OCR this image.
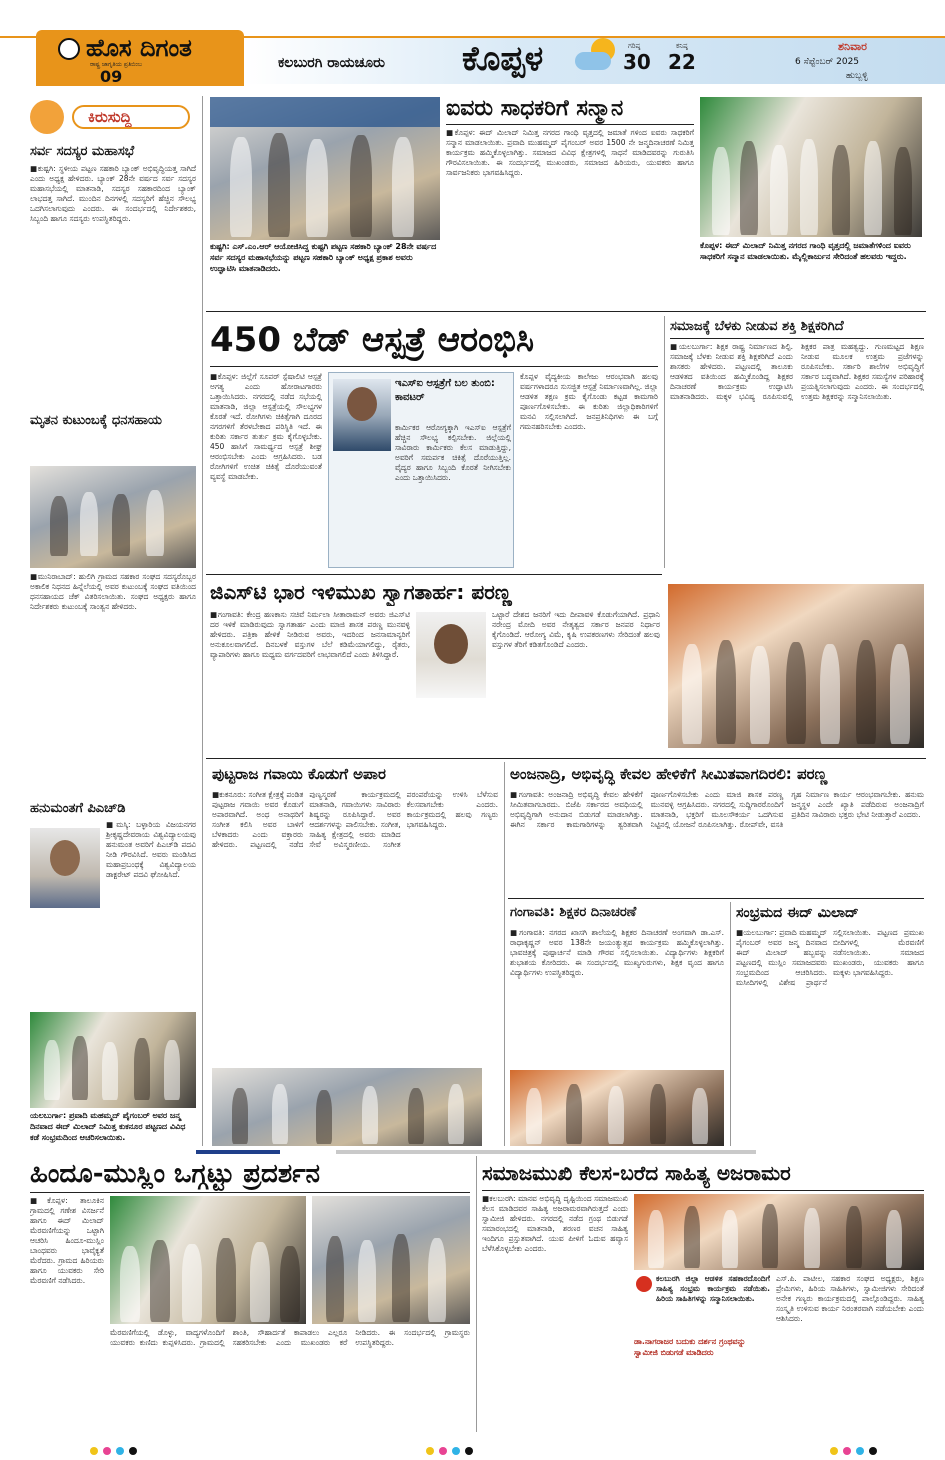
ಹೊಸ ದಿಗಂತ
ರಾಷ್ಟ್ರ ಜಾಗೃತಿಯ ಪ್ರತಿಬಿಂಬ
09
ಕಲಬುರಗಿ ರಾಯಚೂರು ಕೊಪ್ಪಳ	ಗರಿಷ್ಠ
30
ಕನಿಷ್ಠ
22
ಶನಿವಾರ
6 ಸೆಪ್ಟೆಂಬರ್ 2025
ಹುಬ್ಬಳ್ಳಿ
ಕಿರುಸುದ್ದಿ
ಸರ್ವ ಸದಸ್ಯರ ಮಹಾಸಭೆ
■ಕುಷ್ಟಗಿ: ಸ್ಥಳೀಯ ಪಟ್ಟಣ ಸಹಕಾರಿ ಬ್ಯಾಂಕ್ ಅಭಿವೃದ್ಧಿಯತ್ತ ಸಾಗಿದೆ ಎಂದು ಅಧ್ಯಕ್ಷ ಹೇಳಿದರು. ಬ್ಯಾಂಕ್ 28ನೇ ವರ್ಷದ ಸರ್ವ ಸದಸ್ಯರ ಮಹಾಸಭೆಯಲ್ಲಿ ಮಾತನಾಡಿ, ಸದಸ್ಯರ ಸಹಕಾರದಿಂದ ಬ್ಯಾಂಕ್ ಲಾಭದತ್ತ ಸಾಗಿದೆ. ಮುಂದಿನ ದಿನಗಳಲ್ಲಿ ಸದಸ್ಯರಿಗೆ ಹೆಚ್ಚಿನ ಸೌಲಭ್ಯ ಒದಗಿಸಲಾಗುವುದು ಎಂದರು. ಈ ಸಂದರ್ಭದಲ್ಲಿ ನಿರ್ದೇಶಕರು, ಸಿಬ್ಬಂದಿ ಹಾಗೂ ಸದಸ್ಯರು ಉಪಸ್ಥಿತರಿದ್ದರು.
ಮೃತನ ಕುಟುಂಬಕ್ಕೆ ಧನಸಹಾಯ
■ಮುನಿರಾಬಾದ್: ಹುಲಿಗಿ ಗ್ರಾಮದ ಸಹಕಾರ ಸಂಘದ ಸದಸ್ಯರೊಬ್ಬರ ಅಕಾಲಿಕ ನಿಧನದ ಹಿನ್ನೆಲೆಯಲ್ಲಿ ಅವರ ಕುಟುಂಬಕ್ಕೆ ಸಂಘದ ವತಿಯಿಂದ ಧನಸಹಾಯದ ಚೆಕ್ ವಿತರಿಸಲಾಯಿತು. ಸಂಘದ ಅಧ್ಯಕ್ಷರು ಹಾಗೂ ನಿರ್ದೇಶಕರು ಕುಟುಂಬಕ್ಕೆ ಸಾಂತ್ವನ ಹೇಳಿದರು.
ಹನುಮಂತಗೆ ಪಿಎಚ್‌ಡಿ
■ಮಸ್ಕಿ: ಬಳ್ಳಾರಿಯ ವಿಜಯನಗರ ಶ್ರೀಕೃಷ್ಣದೇವರಾಯ ವಿಶ್ವವಿದ್ಯಾಲಯವು ಹನುಮಂತ ಅವರಿಗೆ ಪಿಎಚ್‌ಡಿ ಪದವಿ ನೀಡಿ ಗೌರವಿಸಿದೆ. ಅವರು ಮಂಡಿಸಿದ ಮಹಾಪ್ರಬಂಧಕ್ಕೆ ವಿಶ್ವವಿದ್ಯಾಲಯ ಡಾಕ್ಟರೇಟ್ ಪದವಿ ಘೋಷಿಸಿದೆ.
ಯಲಬುರ್ಗಾ: ಪ್ರವಾದಿ ಮಹಮ್ಮದ್ ಪೈಗಂಬರ್ ಅವರ ಜನ್ಮ ದಿನವಾದ ಈದ್ ಮಿಲಾದ್‌ ನಿಮಿತ್ತ ಕುಕನೂರ ಪಟ್ಟಣದ ವಿವಿಧ ಕಡೆ ಸಂಭ್ರಮದಿಂದ ಆಚರಿಸಲಾಯಿತು.
ಕುಷ್ಟಗಿ: ಎಸ್.ಎಂ.ಆರ್ ಆಯೋಜಿಸಿದ್ದ ಕುಷ್ಟಗಿ ಪಟ್ಟಣ ಸಹಕಾರಿ ಬ್ಯಾಂಕ್ 28ನೇ ವರ್ಷದ ಸರ್ವ ಸದಸ್ಯರ ಮಹಾಸಭೆಯನ್ನು ಪಟ್ಟಣ ಸಹಕಾರಿ ಬ್ಯಾಂಕ್ ಅಧ್ಯಕ್ಷ ಪ್ರಕಾಶ ಅವರು ಉದ್ಘಾಟಿಸಿ ಮಾತನಾಡಿದರು.
ಐವರು ಸಾಧಕರಿಗೆ ಸನ್ಮಾನ
■ಕೊಪ್ಪಳ: ಈದ್ ಮಿಲಾದ್ ನಿಮಿತ್ತ ನಗರದ ಗಾಂಧಿ ವೃತ್ತದಲ್ಲಿ ಜಮಾತೆ ಗಳಿಂದ ಐವರು ಸಾಧಕರಿಗೆ ಸನ್ಮಾನ ಮಾಡಲಾಯಿತು. ಪ್ರವಾದಿ ಮುಹಮ್ಮದ್ ಪೈಗಂಬರ್ ಅವರ 1500 ನೇ ಜನ್ಮದಿನಾಚರಣೆ ನಿಮಿತ್ತ ಕಾರ್ಯಕ್ರಮ ಹಮ್ಮಿಕೊಳ್ಳಲಾಗಿತ್ತು. ಸಮಾಜದ ವಿವಿಧ ಕ್ಷೇತ್ರಗಳಲ್ಲಿ ಸಾಧನೆ ಮಾಡಿದವರನ್ನು ಗುರುತಿಸಿ ಗೌರವಿಸಲಾಯಿತು. ಈ ಸಂದರ್ಭದಲ್ಲಿ ಮುಖಂಡರು, ಸಮಾಜದ ಹಿರಿಯರು, ಯುವಕರು ಹಾಗೂ ಸಾರ್ವಜನಿಕರು ಭಾಗವಹಿಸಿದ್ದರು.
ಕೊಪ್ಪಳ: ಈದ್ ಮಿಲಾದ್ ನಿಮಿತ್ತ ನಗರದ ಗಾಂಧಿ ವೃತ್ತದಲ್ಲಿ ಜಮಾತೆಗಳಿಂದ ಐವರು ಸಾಧಕರಿಗೆ ಸನ್ಮಾನ ಮಾಡಲಾಯಿತು. ಮೈಲ್ಲಿಕಾರ್ಜುನ ಸೇರಿದಂತೆ ಹಲವರು ಇದ್ದರು.
450 ಬೆಡ್ ಆಸ್ಪತ್ರೆ ಆರಂಭಿಸಿ
■ಕೊಪ್ಪಳ: ಜಿಲ್ಲೆಗೆ ಸೂಪರ್ ಸ್ಪೆಷಾಲಿಟಿ ಆಸ್ಪತ್ರೆ ಅಗತ್ಯ ಎಂದು ಹೋರಾಟಗಾರರು ಒತ್ತಾಯಿಸಿದರು. ನಗರದಲ್ಲಿ ನಡೆದ ಸಭೆಯಲ್ಲಿ ಮಾತನಾಡಿ, ಜಿಲ್ಲಾ ಆಸ್ಪತ್ರೆಯಲ್ಲಿ ಸೌಲಭ್ಯಗಳ ಕೊರತೆ ಇದೆ. ರೋಗಿಗಳು ಚಿಕಿತ್ಸೆಗಾಗಿ ದೂರದ ನಗರಗಳಿಗೆ ತೆರಳಬೇಕಾದ ಪರಿಸ್ಥಿತಿ ಇದೆ. ಈ ಕುರಿತು ಸರ್ಕಾರ ತುರ್ತು ಕ್ರಮ ಕೈಗೊಳ್ಳಬೇಕು. 450 ಹಾಸಿಗೆ ಸಾಮರ್ಥ್ಯದ ಆಸ್ಪತ್ರೆ ಶೀಘ್ರ ಆರಂಭಿಸಬೇಕು ಎಂದು ಆಗ್ರಹಿಸಿದರು. ಬಡ ರೋಗಿಗಳಿಗೆ ಉಚಿತ ಚಿಕಿತ್ಸೆ ದೊರೆಯುವಂತೆ ವ್ಯವಸ್ಥೆ ಮಾಡಬೇಕು.
ಇಎಸ್‌ಐ ಆಸ್ಪತ್ರೆಗೆ ಬಲ ತುಂಬಿ: ಕಾವಟರ್
ಕಾರ್ಮಿಕರ ಆರೋಗ್ಯಕ್ಕಾಗಿ ಇಎಸ್‌ಐ ಆಸ್ಪತ್ರೆಗೆ ಹೆಚ್ಚಿನ ಸೌಲಭ್ಯ ಕಲ್ಪಿಸಬೇಕು. ಜಿಲ್ಲೆಯಲ್ಲಿ ಸಾವಿರಾರು ಕಾರ್ಮಿಕರು ಕೆಲಸ ಮಾಡುತ್ತಿದ್ದು, ಅವರಿಗೆ ಸಮರ್ಪಕ ಚಿಕಿತ್ಸೆ ದೊರೆಯುತ್ತಿಲ್ಲ. ವೈದ್ಯರ ಹಾಗೂ ಸಿಬ್ಬಂದಿ ಕೊರತೆ ನೀಗಿಸಬೇಕು ಎಂದು ಒತ್ತಾಯಿಸಿದರು.
ಕೊಪ್ಪಳ ವೈದ್ಯಕೀಯ ಕಾಲೇಜು ಆರಂಭವಾಗಿ ಹಲವು ವರ್ಷಗಳಾದರೂ ಸುಸಜ್ಜಿತ ಆಸ್ಪತ್ರೆ ನಿರ್ಮಾಣವಾಗಿಲ್ಲ. ಜಿಲ್ಲಾ ಆಡಳಿತ ತಕ್ಷಣ ಕ್ರಮ ಕೈಗೊಂಡು ಕಟ್ಟಡ ಕಾಮಗಾರಿ ಪೂರ್ಣಗೊಳಿಸಬೇಕು. ಈ ಕುರಿತು ಜಿಲ್ಲಾಧಿಕಾರಿಗಳಿಗೆ ಮನವಿ ಸಲ್ಲಿಸಲಾಗಿದೆ. ಜನಪ್ರತಿನಿಧಿಗಳು ಈ ಬಗ್ಗೆ ಗಮನಹರಿಸಬೇಕು ಎಂದರು.
ಸಮಾಜಕ್ಕೆ ಬೆಳಕು ನೀಡುವ ಶಕ್ತಿ ಶಿಕ್ಷಕರಿಗಿದೆ
■ಯಲಬುರ್ಗಾ: ಶಿಕ್ಷಕ ರಾಷ್ಟ್ರ ನಿರ್ಮಾಣದ ಶಿಲ್ಪಿ. ಸಮಾಜಕ್ಕೆ ಬೆಳಕು ನೀಡುವ ಶಕ್ತಿ ಶಿಕ್ಷಕರಿಗಿದೆ ಎಂದು ಶಾಸಕರು ಹೇಳಿದರು. ಪಟ್ಟಣದಲ್ಲಿ ತಾಲೂಕು ಆಡಳಿತದ ವತಿಯಿಂದ ಹಮ್ಮಿಕೊಂಡಿದ್ದ ಶಿಕ್ಷಕರ ದಿನಾಚರಣೆ ಕಾರ್ಯಕ್ರಮ ಉದ್ಘಾಟಿಸಿ ಮಾತನಾಡಿದರು. ಮಕ್ಕಳ ಭವಿಷ್ಯ ರೂಪಿಸುವಲ್ಲಿ ಶಿಕ್ಷಕರ ಪಾತ್ರ ಮಹತ್ವದ್ದು. ಗುಣಮಟ್ಟದ ಶಿಕ್ಷಣ ನೀಡುವ ಮೂಲಕ ಉತ್ತಮ ಪ್ರಜೆಗಳನ್ನು ರೂಪಿಸಬೇಕು. ಸರ್ಕಾರಿ ಶಾಲೆಗಳ ಅಭಿವೃದ್ಧಿಗೆ ಸರ್ಕಾರ ಬದ್ಧವಾಗಿದೆ. ಶಿಕ್ಷಕರ ಸಮಸ್ಯೆಗಳ ಪರಿಹಾರಕ್ಕೆ ಪ್ರಯತ್ನಿಸಲಾಗುವುದು ಎಂದರು. ಈ ಸಂದರ್ಭದಲ್ಲಿ ಉತ್ತಮ ಶಿಕ್ಷಕರನ್ನು ಸನ್ಮಾನಿಸಲಾಯಿತು.
ಜಿಎಸ್‌ಟಿ ಭಾರ ಇಳಿಮುಖ ಸ್ವಾಗತಾರ್ಹ: ಪರಣ್ಣ
■ಗಂಗಾವತಿ: ಕೇಂದ್ರ ಹಣಕಾಸು ಸಚಿವೆ ನಿರ್ಮಲಾ ಸೀತಾರಾಮನ್ ಅವರು ಜಿಎಸ್‌ಟಿ ದರ ಇಳಿಕೆ ಮಾಡಿರುವುದು ಸ್ವಾಗತಾರ್ಹ ಎಂದು ಮಾಜಿ ಶಾಸಕ ಪರಣ್ಣ ಮುನವಳ್ಳಿ ಹೇಳಿದರು. ಪತ್ರಿಕಾ ಹೇಳಿಕೆ ನೀಡಿರುವ ಅವರು, ಇದರಿಂದ ಜನಸಾಮಾನ್ಯರಿಗೆ ಅನುಕೂಲವಾಗಲಿದೆ. ದಿನಬಳಕೆ ವಸ್ತುಗಳ ಬೆಲೆ ಕಡಿಮೆಯಾಗಲಿದ್ದು, ರೈತರು, ವ್ಯಾಪಾರಿಗಳು ಹಾಗೂ ಮಧ್ಯಮ ವರ್ಗದವರಿಗೆ ಲಾಭವಾಗಲಿದೆ ಎಂದು ತಿಳಿಸಿದ್ದಾರೆ.
ಒಟ್ಟಾರೆ ದೇಶದ ಜನರಿಗೆ ಇದು ದೀಪಾವಳಿ ಕೊಡುಗೆಯಾಗಿದೆ. ಪ್ರಧಾನಿ ನರೇಂದ್ರ ಮೋದಿ ಅವರ ನೇತೃತ್ವದ ಸರ್ಕಾರ ಜನಪರ ನಿರ್ಧಾರ ಕೈಗೊಂಡಿದೆ. ಆರೋಗ್ಯ ವಿಮೆ, ಕೃಷಿ ಉಪಕರಣಗಳು ಸೇರಿದಂತೆ ಹಲವು ವಸ್ತುಗಳ ತೆರಿಗೆ ಕಡಿತಗೊಂಡಿದೆ ಎಂದರು.
ಪುಟ್ಟರಾಜ ಗವಾಯಿ ಕೊಡುಗೆ ಅಪಾರ
■ಕುಕನೂರು: ಸಂಗೀತ ಕ್ಷೇತ್ರಕ್ಕೆ ಪಂಡಿತ ಪುಟ್ಟರಾಜ ಗವಾಯಿ ಅವರ ಕೊಡುಗೆ ಅಪಾರವಾಗಿದೆ. ಅಂಧ ಅನಾಥರಿಗೆ ಸಂಗೀತ ಕಲಿಸಿ ಅವರ ಬಾಳಿಗೆ ಬೆಳಕಾದರು ಎಂದು ವಕ್ತಾರರು ಹೇಳಿದರು. ಪಟ್ಟಣದಲ್ಲಿ ನಡೆದ ಪುಣ್ಯಸ್ಮರಣೆ ಕಾರ್ಯಕ್ರಮದಲ್ಲಿ ಮಾತನಾಡಿ, ಗವಾಯಿಗಳು ಸಾವಿರಾರು ಶಿಷ್ಯರನ್ನು ರೂಪಿಸಿದ್ದಾರೆ. ಅವರ ಆದರ್ಶಗಳನ್ನು ಪಾಲಿಸಬೇಕು. ಸಂಗೀತ, ಸಾಹಿತ್ಯ ಕ್ಷೇತ್ರದಲ್ಲಿ ಅವರು ಮಾಡಿದ ಸೇವೆ ಅವಿಸ್ಮರಣೀಯ. ಸಂಗೀತ ಪರಂಪರೆಯನ್ನು ಉಳಿಸಿ ಬೆಳೆಸುವ ಕೆಲಸವಾಗಬೇಕು ಎಂದರು. ಕಾರ್ಯಕ್ರಮದಲ್ಲಿ ಹಲವು ಗಣ್ಯರು ಭಾಗವಹಿಸಿದ್ದರು.
ಅಂಜನಾದ್ರಿ, ಅಭಿವೃದ್ಧಿ ಕೇವಲ ಹೇಳಿಕೆಗೆ ಸೀಮಿತವಾಗದಿರಲಿ: ಪರಣ್ಣ
■ಗಂಗಾವತಿ: ಅಂಜನಾದ್ರಿ ಅಭಿವೃದ್ಧಿ ಕೇವಲ ಹೇಳಿಕೆಗೆ ಸೀಮಿತವಾಗಬಾರದು. ಬಿಜೆಪಿ ಸರ್ಕಾರದ ಅವಧಿಯಲ್ಲಿ ಅಭಿವೃದ್ಧಿಗಾಗಿ ಅನುದಾನ ಬಿಡುಗಡೆ ಮಾಡಲಾಗಿತ್ತು. ಈಗಿನ ಸರ್ಕಾರ ಕಾಮಗಾರಿಗಳನ್ನು ತ್ವರಿತವಾಗಿ ಪೂರ್ಣಗೊಳಿಸಬೇಕು ಎಂದು ಮಾಜಿ ಶಾಸಕ ಪರಣ್ಣ ಮುನವಳ್ಳಿ ಆಗ್ರಹಿಸಿದರು. ನಗರದಲ್ಲಿ ಸುದ್ದಿಗಾರರೊಂದಿಗೆ ಮಾತನಾಡಿ, ಭಕ್ತರಿಗೆ ಮೂಲಸೌಕರ್ಯ ಒದಗಿಸುವ ನಿಟ್ಟಿನಲ್ಲಿ ಯೋಜನೆ ರೂಪಿಸಲಾಗಿತ್ತು. ರೋಪ್‌ವೇ, ವಸತಿ ಗೃಹ ನಿರ್ಮಾಣ ಕಾರ್ಯ ಆರಂಭವಾಗಬೇಕು. ಹನುಮ ಜನ್ಮಸ್ಥಳ ಎಂದೇ ಖ್ಯಾತಿ ಪಡೆದಿರುವ ಅಂಜನಾದ್ರಿಗೆ ಪ್ರತಿದಿನ ಸಾವಿರಾರು ಭಕ್ತರು ಭೇಟಿ ನೀಡುತ್ತಾರೆ ಎಂದರು.
ಗಂಗಾವತಿ: ಶಿಕ್ಷಕರ ದಿನಾಚರಣೆ
■ಗಂಗಾವತಿ: ನಗರದ ಖಾಸಗಿ ಶಾಲೆಯಲ್ಲಿ ಶಿಕ್ಷಕರ ದಿನಾಚರಣೆ ಅಂಗವಾಗಿ ಡಾ.ಎಸ್. ರಾಧಾಕೃಷ್ಣನ್ ಅವರ 138ನೇ ಜಯಂತ್ಯುತ್ಸವ ಕಾರ್ಯಕ್ರಮ ಹಮ್ಮಿಕೊಳ್ಳಲಾಗಿತ್ತು. ಭಾವಚಿತ್ರಕ್ಕೆ ಪುಷ್ಪಾರ್ಚನೆ ಮಾಡಿ ಗೌರವ ಸಲ್ಲಿಸಲಾಯಿತು. ವಿದ್ಯಾರ್ಥಿಗಳು ಶಿಕ್ಷಕರಿಗೆ ಶುಭಾಶಯ ಕೋರಿದರು. ಈ ಸಂದರ್ಭದಲ್ಲಿ ಮುಖ್ಯಗುರುಗಳು, ಶಿಕ್ಷಕ ವೃಂದ ಹಾಗೂ ವಿದ್ಯಾರ್ಥಿಗಳು ಉಪಸ್ಥಿತರಿದ್ದರು.
ಸಂಭ್ರಮದ ಈದ್ ಮಿಲಾದ್
■ಯಲಬುರ್ಗಾ: ಪ್ರವಾದಿ ಮಹಮ್ಮದ್ ಪೈಗಂಬರ್ ಅವರ ಜನ್ಮ ದಿನವಾದ ಈದ್ ಮಿಲಾದ್ ಹಬ್ಬವನ್ನು ಪಟ್ಟಣದಲ್ಲಿ ಮುಸ್ಲಿಂ ಸಮಾಜದವರು ಸಂಭ್ರಮದಿಂದ ಆಚರಿಸಿದರು. ಮಸೀದಿಗಳಲ್ಲಿ ವಿಶೇಷ ಪ್ರಾರ್ಥನೆ ಸಲ್ಲಿಸಲಾಯಿತು. ಪಟ್ಟಣದ ಪ್ರಮುಖ ಬೀದಿಗಳಲ್ಲಿ ಮೆರವಣಿಗೆ ನಡೆಸಲಾಯಿತು. ಸಮಾಜದ ಮುಖಂಡರು, ಯುವಕರು ಹಾಗೂ ಮಕ್ಕಳು ಭಾಗವಹಿಸಿದ್ದರು.
ಹಿಂದೂ-ಮುಸ್ಲಿಂ ಒಗ್ಗಟ್ಟು ಪ್ರದರ್ಶನ
■ಕೊಪ್ಪಳ: ತಾಲೂಕಿನ ಗ್ರಾಮದಲ್ಲಿ ಗಣೇಶ ವಿಸರ್ಜನೆ ಹಾಗೂ ಈದ್ ಮಿಲಾದ್ ಮೆರವಣಿಗೆಯನ್ನು ಒಟ್ಟಾಗಿ ಆಚರಿಸಿ ಹಿಂದೂ-ಮುಸ್ಲಿಂ ಬಾಂಧವರು ಭಾವೈಕ್ಯತೆ ಮೆರೆದರು. ಗ್ರಾಮದ ಹಿರಿಯರು ಹಾಗೂ ಯುವಕರು ಸೇರಿ ಮೆರವಣಿಗೆ ನಡೆಸಿದರು.
ಮೆರವಣಿಗೆಯಲ್ಲಿ ಡೊಳ್ಳು, ವಾದ್ಯಗಳೊಂದಿಗೆ ಯುವಕರು ಕುಣಿದು ಕುಪ್ಪಳಿಸಿದರು. ಗ್ರಾಮದಲ್ಲಿ ಶಾಂತಿ, ಸೌಹಾರ್ದತೆ ಕಾಪಾಡಲು ಎಲ್ಲರೂ ಸಹಕರಿಸಬೇಕು ಎಂದು ಮುಖಂಡರು ಕರೆ ನೀಡಿದರು. ಈ ಸಂದರ್ಭದಲ್ಲಿ ಗ್ರಾಮಸ್ಥರು ಉಪಸ್ಥಿತರಿದ್ದರು.
ಸಮಾಜಮುಖಿ ಕೆಲಸ-ಬರೆದ ಸಾಹಿತ್ಯ ಅಜರಾಮರ
■ಕಲಬುರಗಿ: ಮಾನವ ಅಭಿವೃದ್ಧಿ ದೃಷ್ಟಿಯಿಂದ ಸಮಾಜಮುಖಿ ಕೆಲಸ ಮಾಡಿದವರ ಸಾಹಿತ್ಯ ಅಜರಾಮರವಾಗಿರುತ್ತದೆ ಎಂದು ಸ್ವಾಮೀಜಿ ಹೇಳಿದರು. ನಗರದಲ್ಲಿ ನಡೆದ ಗ್ರಂಥ ಬಿಡುಗಡೆ ಸಮಾರಂಭದಲ್ಲಿ ಮಾತನಾಡಿ, ಶರಣರ ವಚನ ಸಾಹಿತ್ಯ ಇಂದಿಗೂ ಪ್ರಸ್ತುತವಾಗಿದೆ. ಯುವ ಪೀಳಿಗೆ ಓದುವ ಹವ್ಯಾಸ ಬೆಳೆಸಿಕೊಳ್ಳಬೇಕು ಎಂದರು.
ಕಲಬುರಗಿ ಜಿಲ್ಲಾ ಆಡಳಿತ ಸಹಕಾರದೊಂದಿಗೆ ಸಾಹಿತ್ಯ ಸಂಭ್ರಮ ಕಾರ್ಯಕ್ರಮ ನಡೆಯಿತು. ಹಿರಿಯ ಸಾಹಿತಿಗಳನ್ನು ಸನ್ಮಾನಿಸಲಾಯಿತು.
ಡಾ.ನಾಗರಾಜರ ಬದುಕು ದರ್ಶನ ಗ್ರಂಥವನ್ನು ಸ್ವಾಮೀಜಿ ಬಿಡುಗಡೆ ಮಾಡಿದರು
ಎಸ್.ಪಿ. ಪಾಟೀಲ, ಸಹಕಾರ ಸಂಘದ ಅಧ್ಯಕ್ಷರು, ಶಿಕ್ಷಣ ಪ್ರೇಮಿಗಳು, ಹಿರಿಯ ಸಾಹಿತಿಗಳು, ಸ್ವಾಮೀಜಿಗಳು ಸೇರಿದಂತೆ ಅನೇಕ ಗಣ್ಯರು ಕಾರ್ಯಕ್ರಮದಲ್ಲಿ ಪಾಲ್ಗೊಂಡಿದ್ದರು. ಸಾಹಿತ್ಯ ಸಂಸ್ಕೃತಿ ಉಳಿಸುವ ಕಾರ್ಯ ನಿರಂತರವಾಗಿ ನಡೆಯಬೇಕು ಎಂದು ಆಶಿಸಿದರು.
